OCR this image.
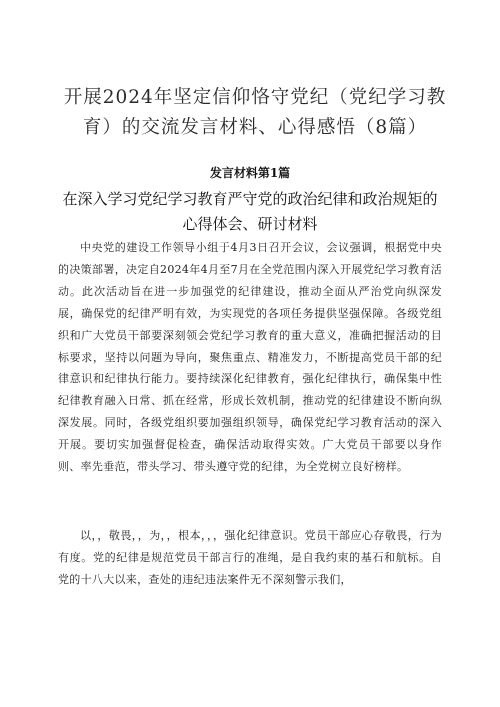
开展2024年坚定信仰恪守党纪（党纪学习教育）的交流发言材料、心得感悟（8篇）
发言材料第1篇
在深入学习党纪学习教育严守党的政治纪律和政治规矩的心得体会、研讨材料

中央党的建设工作领导小组于4月3日召开会议，会议强调，根据党中央的决策部署，决定自2024年4月至7月在全党范围内深入开展党纪学习教育活动。此次活动旨在进一步加强党的纪律建设，推动全面从严治党向纵深发展，确保党的纪律严明有效，为实现党的各项任务提供坚强保障。各级党组织和广大党员干部要深刻领会党纪学习教育的重大意义，准确把握活动的目标要求，坚持以问题为导向，聚焦重点、精准发力，不断提高党员干部的纪律意识和纪律执行能力。要持续深化纪律教育，强化纪律执行，确保集中性纪律教育融入日常、抓在经常，形成长效机制，推动党的纪律建设不断向纵深发展。同时，各级党组织要加强组织领导，确保党纪学习教育活动的深入开展。要切实加强督促检查，确保活动取得实效。广大党员干部要以身作则、率先垂范，带头学习、带头遵守党的纪律，为全党树立良好榜样。

以，，敬畏，，为，，根本，，，强化纪律意识。党员干部应心存敬畏，行为有度。党的纪律是规范党员干部言行的准绳，是自我约束的基石和航标。自党的十八大以来，查处的违纪违法案件无不深刻警示我们，
